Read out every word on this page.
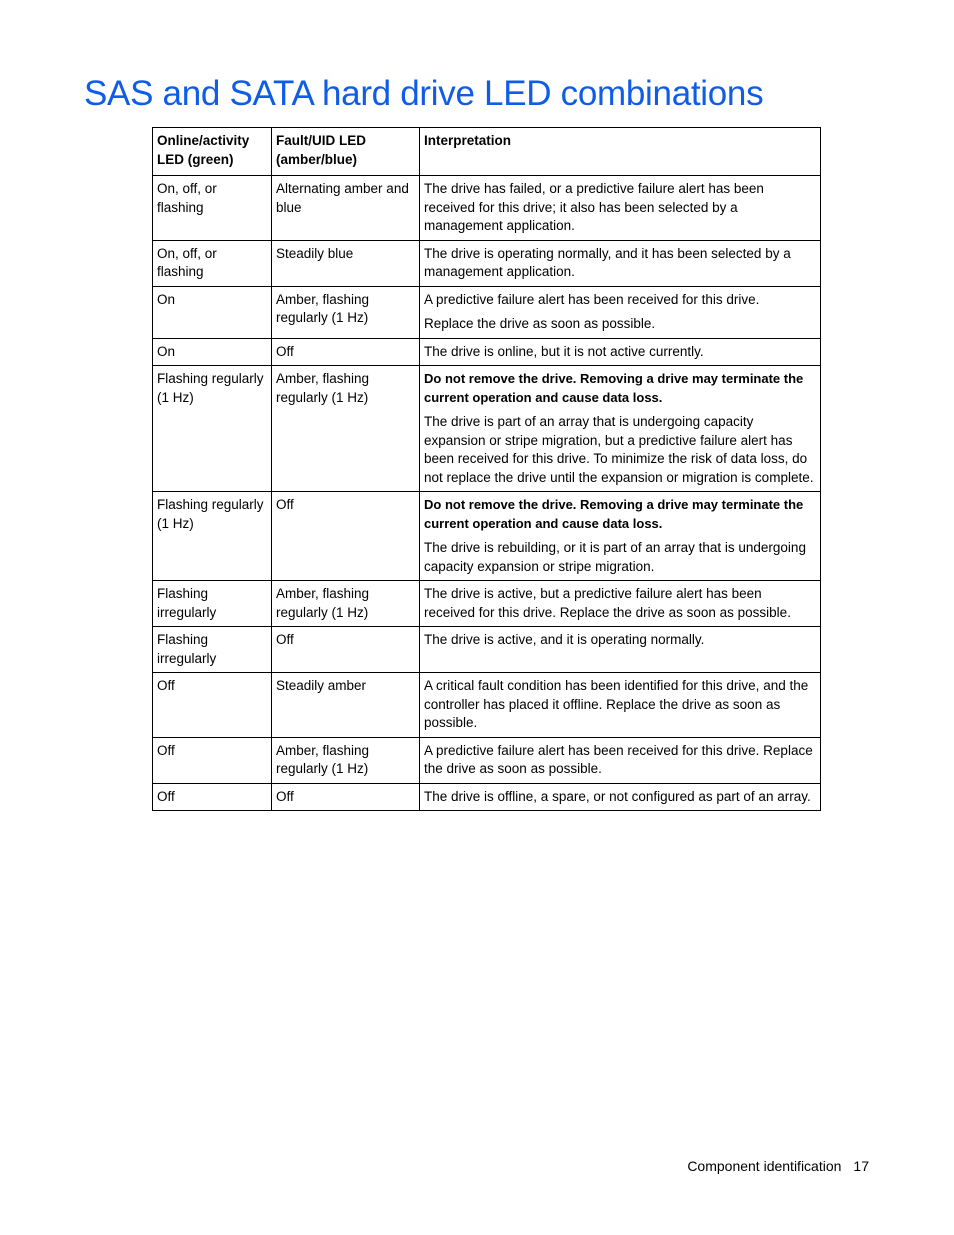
SAS and SATA hard drive LED combinations
Online/activity LED (green)	Fault/UID LED (amber/blue)	Interpretation
On, off, or flashing	Alternating amber and blue	The drive has failed, or a predictive failure alert has been received for this drive; it also has been selected by a management application.

On, off, or flashing	Steadily blue	The drive is operating normally, and it has been selected by a management application.

On	Amber, flashing regularly (1 Hz)	A predictive failure alert has been received for this drive.

Replace the drive as soon as possible.

On	Off	The drive is online, but it is not active currently.

Flashing regularly (1 Hz)	Amber, flashing regularly (1 Hz)	Do not remove the drive. Removing a drive may terminate the current operation and cause data loss.

The drive is part of an array that is undergoing capacity expansion or stripe migration, but a predictive failure alert has been received for this drive. To minimize the risk of data loss, do not replace the drive until the expansion or migration is complete.

Flashing regularly (1 Hz)	Off	Do not remove the drive. Removing a drive may terminate the current operation and cause data loss.

The drive is rebuilding, or it is part of an array that is undergoing capacity expansion or stripe migration.

Flashing irregularly	Amber, flashing regularly (1 Hz)	The drive is active, but a predictive failure alert has been received for this drive. Replace the drive as soon as possible.

Flashing irregularly	Off	The drive is active, and it is operating normally.

Off	Steadily amber	A critical fault condition has been identified for this drive, and the controller has placed it offline. Replace the drive as soon as possible.

Off	Amber, flashing regularly (1 Hz)	A predictive failure alert has been received for this drive. Replace the drive as soon as possible.

Off	Off	The drive is offline, a spare, or not configured as part of an array.

Component identification 17
